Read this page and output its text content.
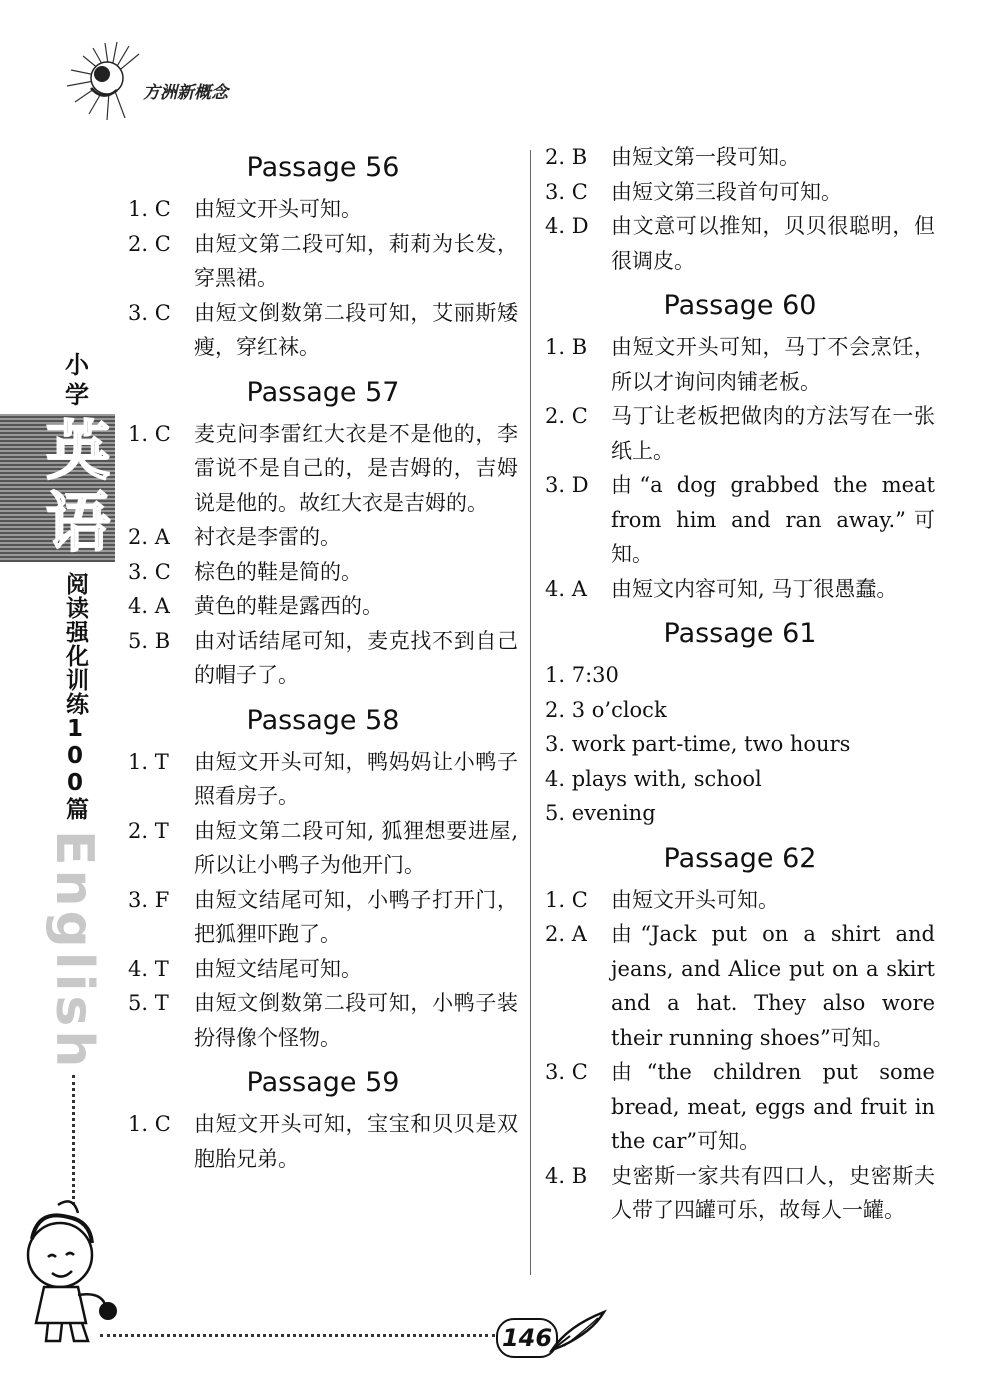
方洲新概念
小学
英语
阅读强化训练100篇
English
Passage 56
1. C	由短文开头可知。
2. C	由短文第二段可知，莉莉为长发，穿黑裙。
3. C	由短文倒数第二段可知，艾丽斯矮瘦，穿红袜。
Passage 57
1. C	麦克问李雷红大衣是不是他的，李雷说不是自己的，是吉姆的，吉姆说是他的。故红大衣是吉姆的。
2. A	衬衣是李雷的。
3. C	棕色的鞋是简的。
4. A	黄色的鞋是露西的。
5. B	由对话结尾可知，麦克找不到自己的帽子了。
Passage 58
1. T	由短文开头可知，鸭妈妈让小鸭子照看房子。
2. T	由短文第二段可知, 狐狸想要进屋, 所以让小鸭子为他开门。
3. F	由短文结尾可知，小鸭子打开门，把狐狸吓跑了。
4. T	由短文结尾可知。
5. T	由短文倒数第二段可知，小鸭子装扮得像个怪物。
Passage 59
1. C	由短文开头可知，宝宝和贝贝是双胞胎兄弟。
2. B	由短文第一段可知。
3. C	由短文第三段首句可知。
4. D	由文意可以推知，贝贝很聪明，但很调皮。
Passage 60
1. B	由短文开头可知，马丁不会烹饪，所以才询问肉铺老板。
2. C	马丁让老板把做肉的方法写在一张纸上。
3. D	由“a dog grabbed the meat from him and ran away.”可知。
4. A	由短文内容可知, 马丁很愚蠢。
Passage 61
1. 7:30
2. 3 o’clock
3. work part-time, two hours
4. plays with, school
5. evening
Passage 62
1. C	由短文开头可知。
2. A	由“Jack put on a shirt and jeans, and Alice put on a skirt and a hat. They also wore their running shoes”可知。
3. C	由“the children put some bread, meat, eggs and fruit in the car”可知。
4. B	史密斯一家共有四口人，史密斯夫人带了四罐可乐，故每人一罐。
146
